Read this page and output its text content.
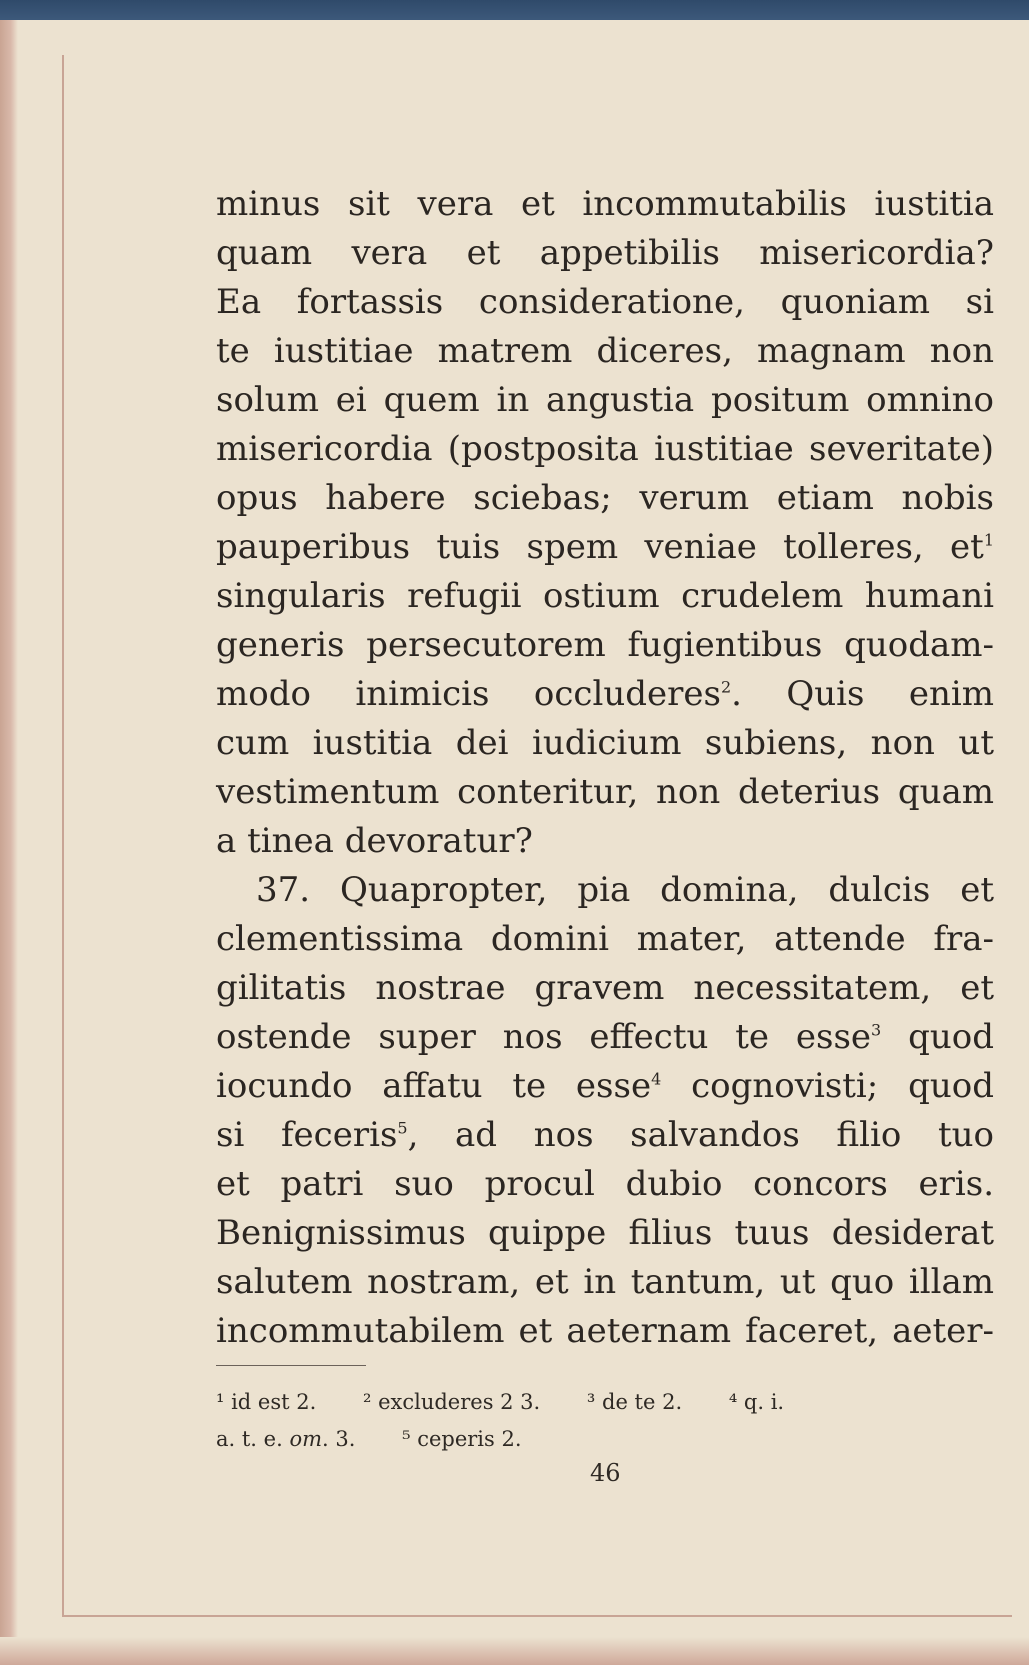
minus sit vera et incommutabilis iustitia
quam vera et appetibilis misericordia?
Ea fortassis consideratione, quoniam si
te iustitiae matrem diceres, magnam non
solum ei quem in angustia positum omnino
misericordia (postposita iustitiae severitate)
opus habere sciebas; verum etiam nobis
pauperibus tuis spem veniae tolleres, $et^1$
singularis refugii ostium crudelem humani
generis persecutorem fugientibus quodam-
modo inimicis occluderes$^2$. Quis enim
cum iustitia dei iudicium subiens, non ut
vestimentum conteritur, non deterius quam
a tinea devoratur?
37. Quapropter, pia domina, dulcis et
clementissima domini mater, attende fra-
gilitatis nostrae gravem necessitatem, et
ostende super nos effectu te esse$^3$ quod
iocundo affatu te esse$^4$ cognovisti; quod
si feceris$^5$, ad nos salvandos filio tuo
et patri suo procul dubio concors eris.
Benignissimus quippe filius tuus desiderat
salutem nostram, et in tantum, ut quo illam
incommutabilem et aeternam faceret, aeter-
¹ id est 2. ² excluderes 2 3. ³ de te 2. ⁴ q. i.
a. t. e. om. 3. ⁵ ceperis 2.
46
